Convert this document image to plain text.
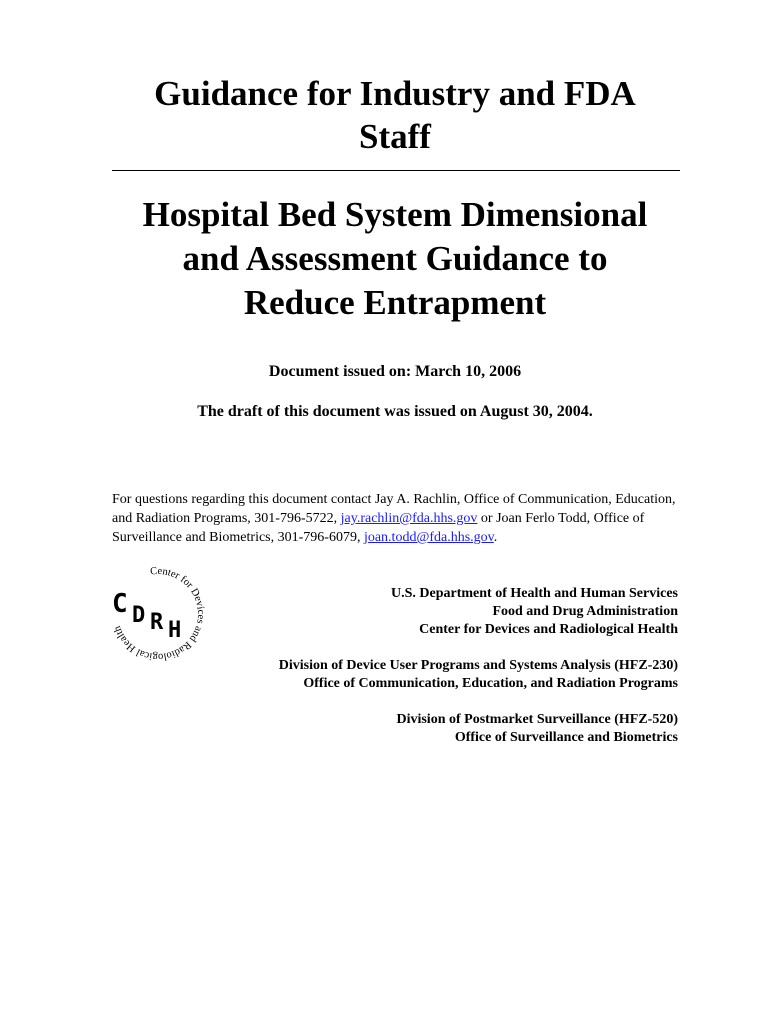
Guidance for Industry and FDA
Staff
Hospital Bed System Dimensional
and Assessment Guidance to
Reduce Entrapment
Document issued on: March 10, 2006
The draft of this document was issued on August 30, 2004.

For questions regarding this document contact Jay A. Rachlin, Office of Communication, Education, and Radiation Programs, 301-796-5722, jay.rachlin@fda.hhs.gov or Joan Ferlo Todd, Office of Surveillance and Biometrics, 301-796-6079, joan.todd@fda.hhs.gov.

Center for Devices and Radiological Health
C D R H
U.S. Department of Health and Human Services
Food and Drug Administration
Center for Devices and Radiological Health
Division of Device User Programs and Systems Analysis (HFZ-230)
Office of Communication, Education, and Radiation Programs
Division of Postmarket Surveillance (HFZ-520)
Office of Surveillance and Biometrics
